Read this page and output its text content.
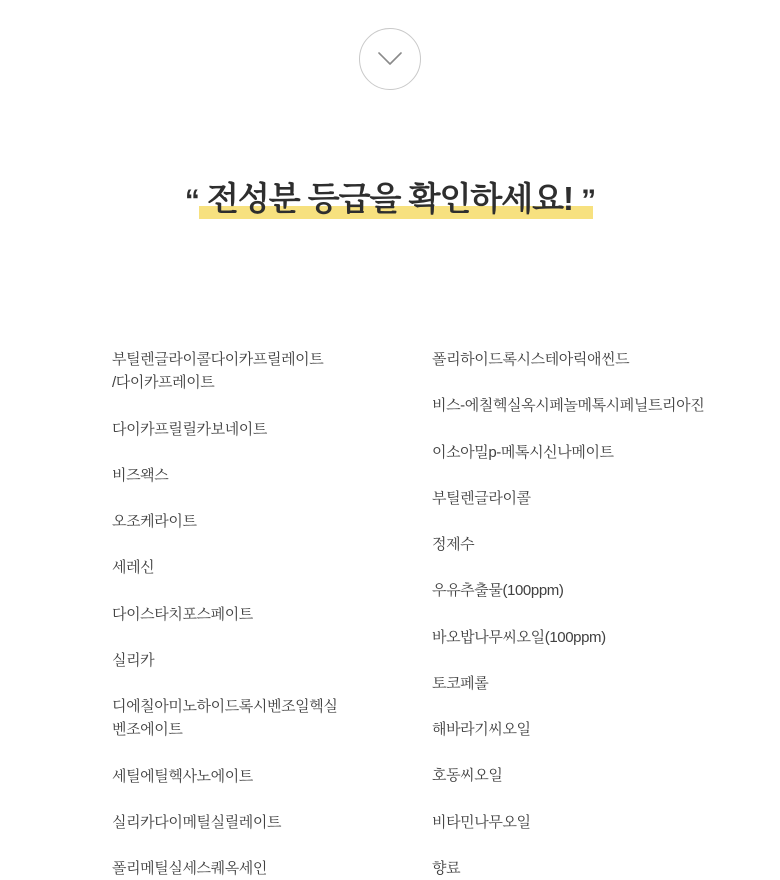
“ 전성분 등급을 확인하세요! ”
부틸렌글라이콜다이카프릴레이트
/다이카프레이트
다이카프릴릴카보네이트
비즈왝스
오조케라이트
세레신
다이스타치포스페이트
실리카
디에칠아미노하이드록시벤조일헥실
벤조에이트
세틸에틸헥사노에이트
실리카다이메틸실릴레이트
폴리메틸실세스퀘옥세인
폴리하이드록시스테아릭애씬드
비스-에칠헥실옥시페놀메톡시페닐트리아진
이소아밀p-메톡시신나메이트
부틸렌글라이콜
정제수
우유추출물(100ppm)
바오밥나무씨오일(100ppm)
토코페롤
해바라기씨오일
호동씨오일
비타민나무오일
향료
